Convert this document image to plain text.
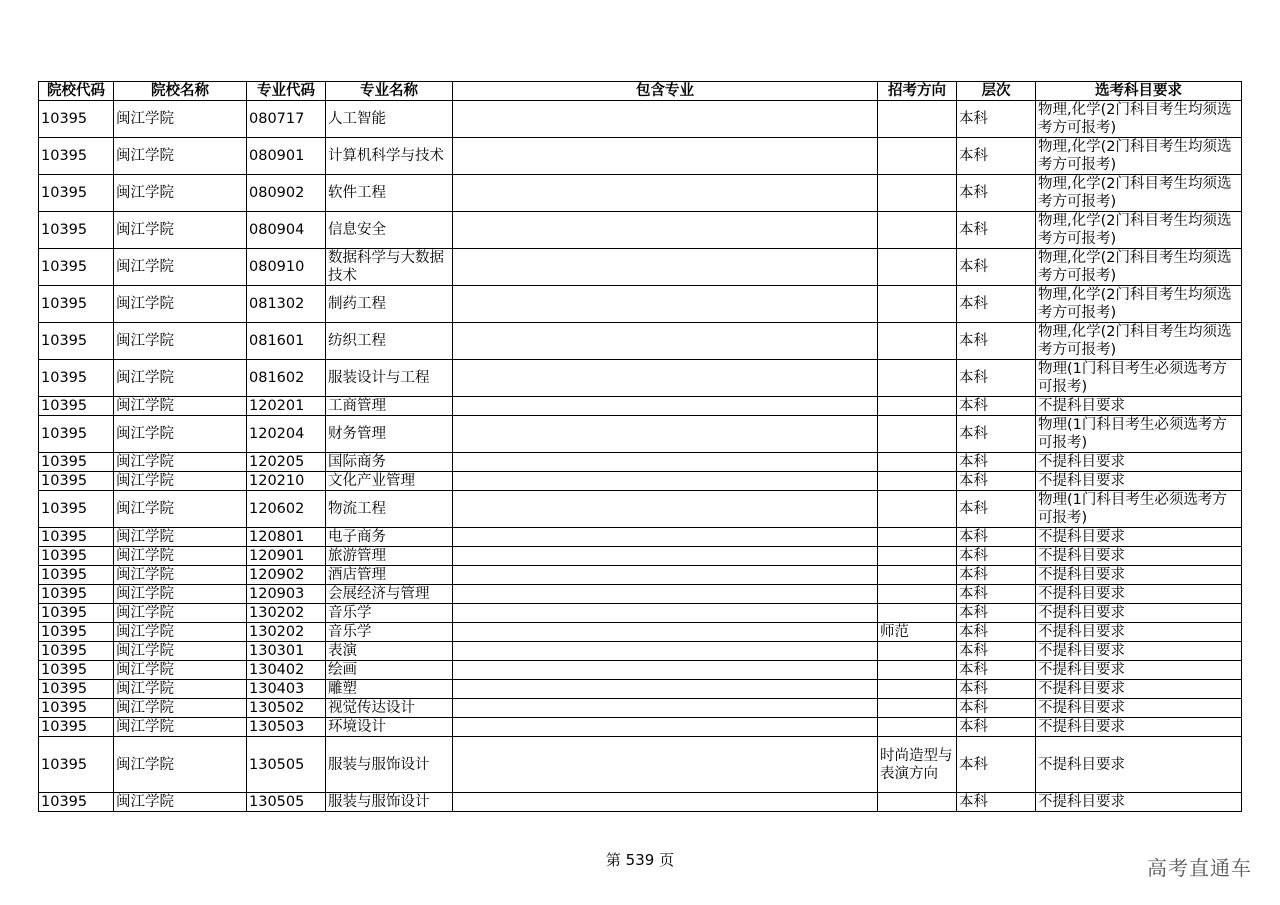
院校代码	院校名称	专业代码	专业名称	包含专业	招考方向	层次	选考科目要求
10395	闽江学院	080717	人工智能			本科	物理,化学(2门科目考生均须选考方可报考)
10395	闽江学院	080901	计算机科学与技术			本科	物理,化学(2门科目考生均须选考方可报考)
10395	闽江学院	080902	软件工程			本科	物理,化学(2门科目考生均须选考方可报考)
10395	闽江学院	080904	信息安全			本科	物理,化学(2门科目考生均须选考方可报考)
10395	闽江学院	080910	数据科学与大数据技术			本科	物理,化学(2门科目考生均须选考方可报考)
10395	闽江学院	081302	制药工程			本科	物理,化学(2门科目考生均须选考方可报考)
10395	闽江学院	081601	纺织工程			本科	物理,化学(2门科目考生均须选考方可报考)
10395	闽江学院	081602	服装设计与工程			本科	物理(1门科目考生必须选考方可报考)
10395	闽江学院	120201	工商管理			本科	不提科目要求
10395	闽江学院	120204	财务管理			本科	物理(1门科目考生必须选考方可报考)
10395	闽江学院	120205	国际商务			本科	不提科目要求
10395	闽江学院	120210	文化产业管理			本科	不提科目要求
10395	闽江学院	120602	物流工程			本科	物理(1门科目考生必须选考方可报考)
10395	闽江学院	120801	电子商务			本科	不提科目要求
10395	闽江学院	120901	旅游管理			本科	不提科目要求
10395	闽江学院	120902	酒店管理			本科	不提科目要求
10395	闽江学院	120903	会展经济与管理			本科	不提科目要求
10395	闽江学院	130202	音乐学			本科	不提科目要求
10395	闽江学院	130202	音乐学		师范	本科	不提科目要求
10395	闽江学院	130301	表演			本科	不提科目要求
10395	闽江学院	130402	绘画			本科	不提科目要求
10395	闽江学院	130403	雕塑			本科	不提科目要求
10395	闽江学院	130502	视觉传达设计			本科	不提科目要求
10395	闽江学院	130503	环境设计			本科	不提科目要求
10395	闽江学院	130505	服装与服饰设计		时尚造型与表演方向	本科	不提科目要求
10395	闽江学院	130505	服装与服饰设计			本科	不提科目要求
第 539 页	高考直通车
